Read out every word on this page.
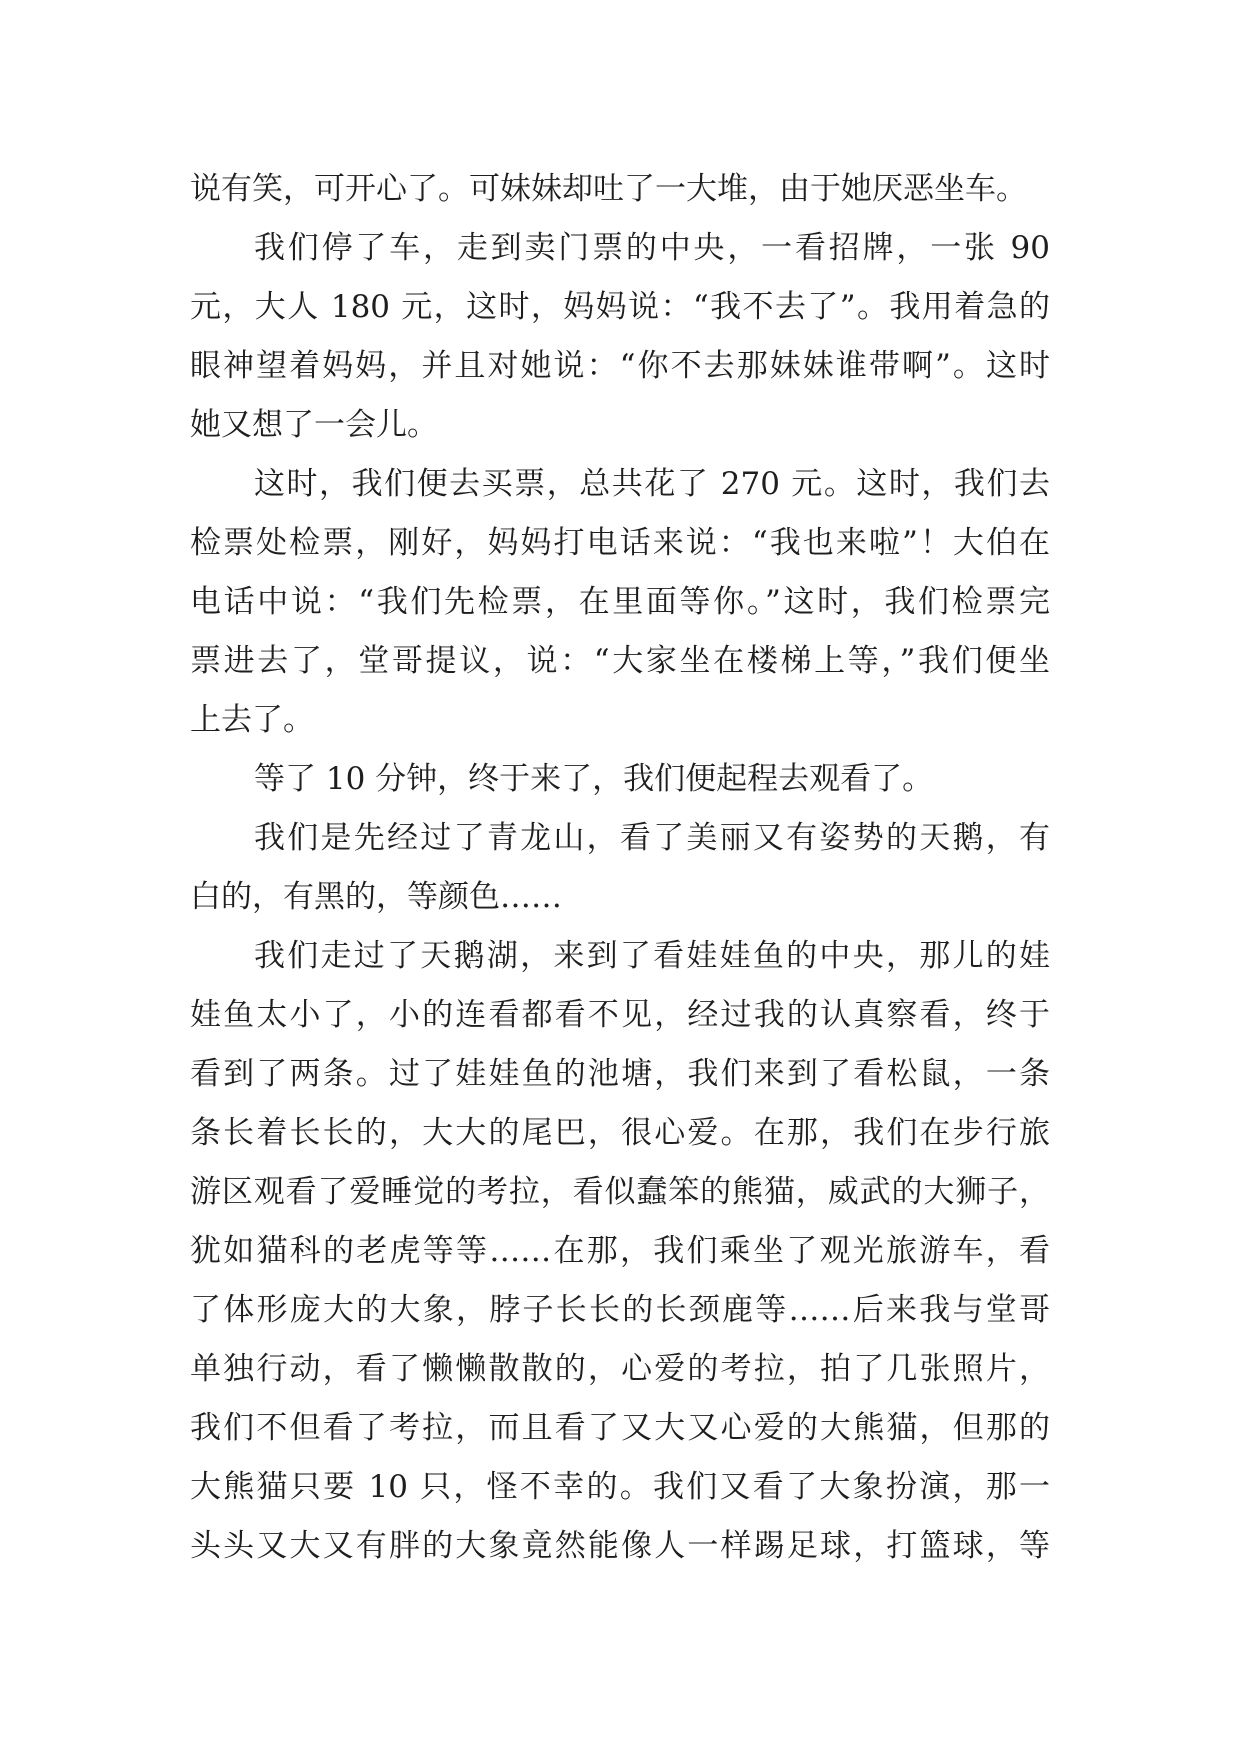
说有笑，可开心了。可妹妹却吐了一大堆，由于她厌恶坐车。
我们停了车，走到卖门票的中央，一看招牌，一张 90
元，大人 180 元，这时，妈妈说：“我不去了”。我用着急的
眼神望着妈妈，并且对她说：“你不去那妹妹谁带啊”。这时
她又想了一会儿。
这时，我们便去买票，总共花了 270 元。这时，我们去
检票处检票，刚好，妈妈打电话来说：“我也来啦”！大伯在
电话中说：“我们先检票，在里面等你。”这时，我们检票完
票进去了，堂哥提议，说：“大家坐在楼梯上等，”我们便坐
上去了。
等了 10 分钟，终于来了，我们便起程去观看了。
我们是先经过了青龙山，看了美丽又有姿势的天鹅，有
白的，有黑的，等颜色……
我们走过了天鹅湖，来到了看娃娃鱼的中央，那儿的娃
娃鱼太小了，小的连看都看不见，经过我的认真察看，终于
看到了两条。过了娃娃鱼的池塘，我们来到了看松鼠，一条
条长着长长的，大大的尾巴，很心爱。在那，我们在步行旅
游区观看了爱睡觉的考拉，看似蠢笨的熊猫，威武的大狮子，
犹如猫科的老虎等等……在那，我们乘坐了观光旅游车，看
了体形庞大的大象，脖子长长的长颈鹿等……后来我与堂哥
单独行动，看了懒懒散散的，心爱的考拉，拍了几张照片，
我们不但看了考拉，而且看了又大又心爱的大熊猫，但那的
大熊猫只要 10 只，怪不幸的。我们又看了大象扮演，那一
头头又大又有胖的大象竟然能像人一样踢足球，打篮球，等
